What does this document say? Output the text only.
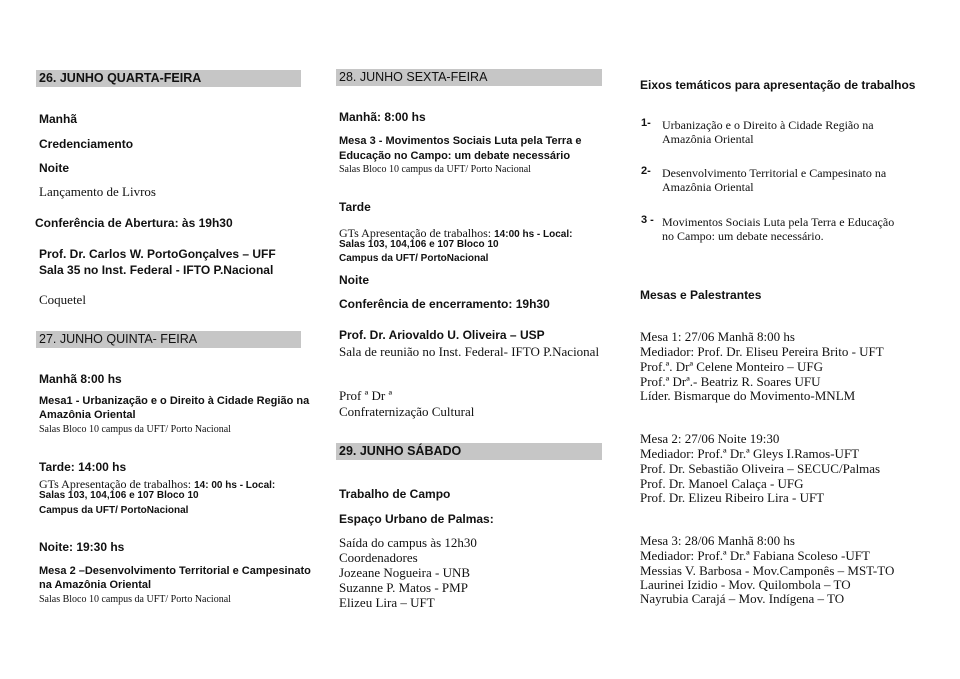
26. JUNHO QUARTA-FEIRA
Manhã
Credenciamento
Noite
Lançamento de Livros
Conferência de Abertura: às 19h30
Prof. Dr. Carlos W. PortoGonçalves – UFF
Sala 35 no Inst. Federal - IFTO P.Nacional
Coquetel
27. JUNHO QUINTA- FEIRA
Manhã 8:00 hs
Mesa1 - Urbanização e o Direito à Cidade Região na
Amazônia Oriental
Salas Bloco 10 campus da UFT/ Porto Nacional
Tarde: 14:00 hs
GTs Apresentação de trabalhos: 14: 00 hs - Local:
Salas 103, 104,106 e 107 Bloco 10
Campus da UFT/ PortoNacional
Noite: 19:30 hs
Mesa 2 –Desenvolvimento Territorial e Campesinato
na Amazônia Oriental
Salas Bloco 10 campus da UFT/ Porto Nacional
28. JUNHO SEXTA-FEIRA
Manhã: 8:00 hs
Mesa 3 - Movimentos Sociais Luta pela Terra e
Educação no Campo: um debate necessário
Salas Bloco 10 campus da UFT/ Porto Nacional
Tarde
GTs Apresentação de trabalhos: 14:00 hs - Local:
Salas 103, 104,106 e 107 Bloco 10
Campus da UFT/ PortoNacional
Noite
Conferência de encerramento: 19h30
Prof. Dr. Ariovaldo U. Oliveira – USP
Sala de reunião no Inst. Federal- IFTO P.Nacional
Prof ª Dr ª
Confraternização Cultural
29. JUNHO SÁBADO
Trabalho de Campo
Espaço Urbano de Palmas:
Saída do campus às 12h30
Coordenadores
Jozeane Nogueira - UNB
Suzanne P. Matos - PMP
Elizeu Lira – UFT
Eixos temáticos para apresentação de trabalhos
1- Urbanização e o Direito à Cidade Região na
Amazônia Oriental
2- Desenvolvimento Territorial e Campesinato na
Amazônia Oriental
3 - Movimentos Sociais Luta pela Terra e Educação
no Campo: um debate necessário.
Mesas e Palestrantes
Mesa 1: 27/06 Manhã 8:00 hs
Mediador: Prof. Dr. Eliseu Pereira Brito - UFT
Prof.ª. Drª Celene Monteiro – UFG
Prof.ª Drª.- Beatriz R. Soares UFU
Líder. Bismarque do Movimento-MNLM
Mesa 2: 27/06 Noite 19:30
Mediador: Prof.ª Dr.ª Gleys I.Ramos-UFT
Prof. Dr. Sebastião Oliveira – SECUC/Palmas
Prof. Dr. Manoel Calaça - UFG
Prof. Dr. Elizeu Ribeiro Lira - UFT
Mesa 3: 28/06 Manhã 8:00 hs
Mediador: Prof.ª Dr.ª Fabiana Scoleso -UFT
Messias V. Barbosa - Mov.Camponês – MST-TO
Laurinei Izidio - Mov. Quilombola – TO
Nayrubia Carajá – Mov. Indígena – TO
